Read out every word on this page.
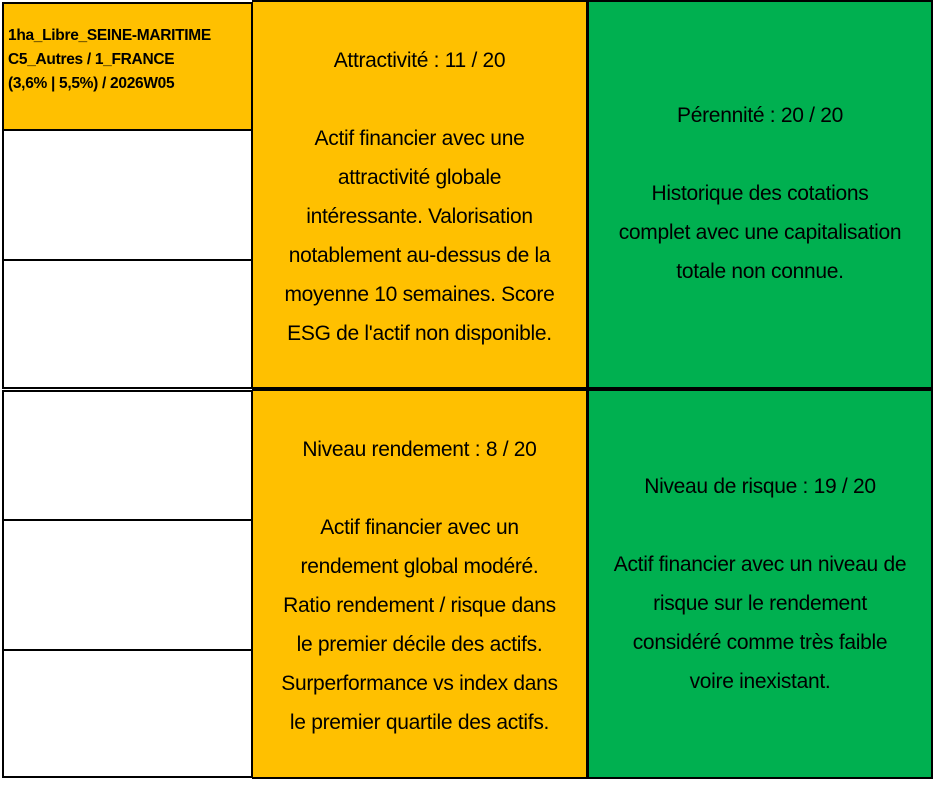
1ha_Libre_SEINE-MARITIME
C5_Autres / 1_FRANCE
(3,6% | 5,5%) / 2026W05
Attractivité : 11 / 20
Actif financier avec une
attractivité globale
intéressante. Valorisation
notablement au-dessus de la
moyenne 10 semaines. Score
ESG de l'actif non disponible.
Pérennité : 20 / 20
Historique des cotations
complet avec une capitalisation
totale non connue.
Niveau rendement : 8 / 20
Actif financier avec un
rendement global modéré.
Ratio rendement / risque dans
le premier décile des actifs.
Surperformance vs index dans
le premier quartile des actifs.
Niveau de risque : 19 / 20
Actif financier avec un niveau de
risque sur le rendement
considéré comme très faible
voire inexistant.
